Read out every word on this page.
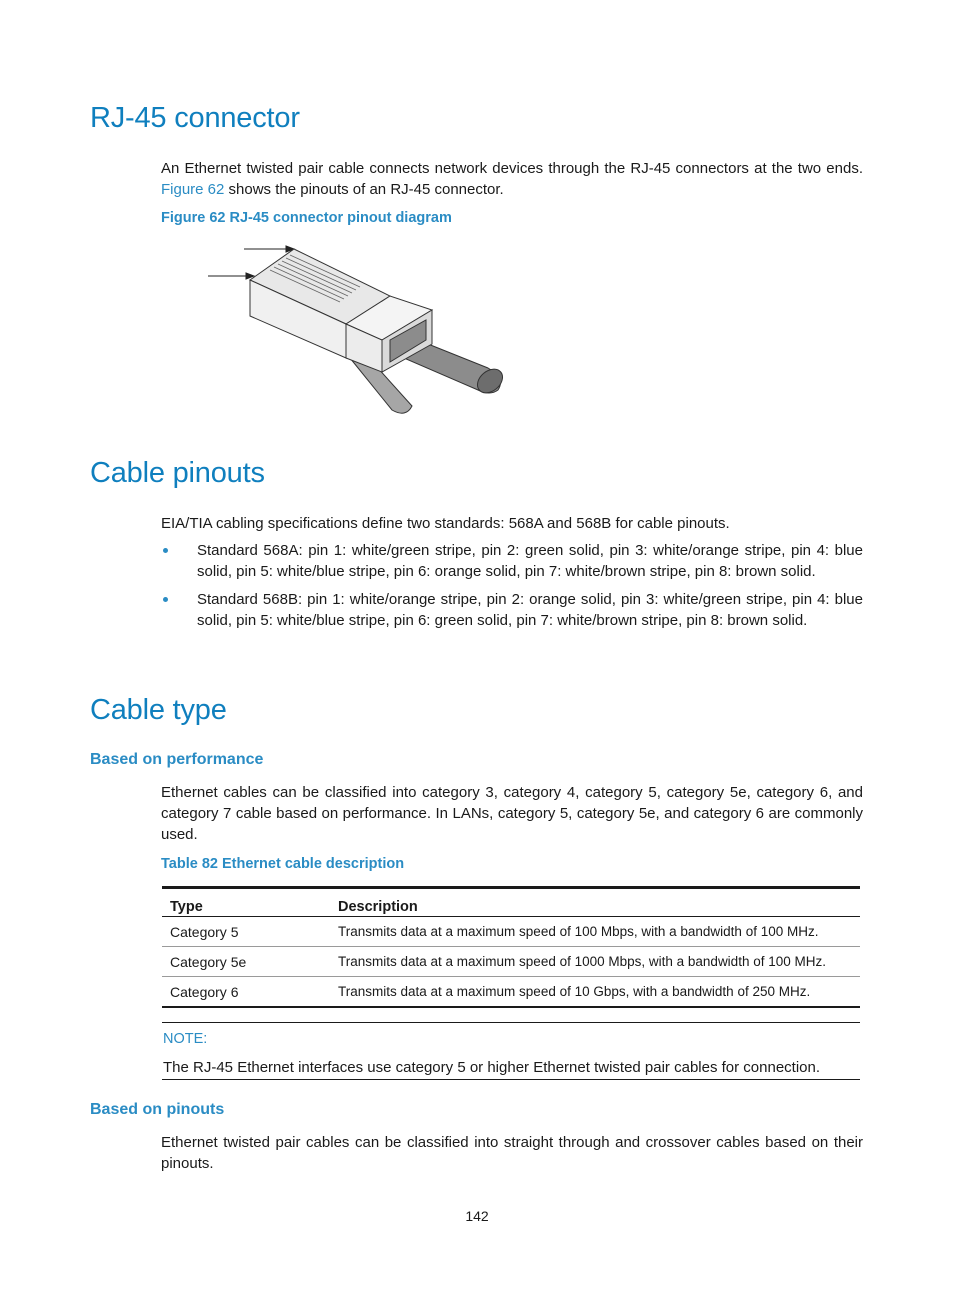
RJ-45 connector

An Ethernet twisted pair cable connects network devices through the RJ-45 connectors at the two ends. Figure 62 shows the pinouts of an RJ-45 connector.

Figure 62 RJ-45 connector pinout diagram

Cable pinouts

EIA/TIA cabling specifications define two standards: 568A and 568B for cable pinouts.

Standard 568A: pin 1: white/green stripe, pin 2: green solid, pin 3: white/orange stripe, pin 4: blue solid, pin 5: white/blue stripe, pin 6: orange solid, pin 7: white/brown stripe, pin 8: brown solid.
Standard 568B: pin 1: white/orange stripe, pin 2: orange solid, pin 3: white/green stripe, pin 4: blue solid, pin 5: white/blue stripe, pin 6: green solid, pin 7: white/brown stripe, pin 8: brown solid.
Cable type
Based on performance

Ethernet cables can be classified into category 3, category 4, category 5, category 5e, category 6, and category 7 cable based on performance. In LANs, category 5, category 5e, and category 6 are commonly used.

Table 82 Ethernet cable description

Type	Description
Category 5	Transmits data at a maximum speed of 100 Mbps, with a bandwidth of 100 MHz.
Category 5e	Transmits data at a maximum speed of 1000 Mbps, with a bandwidth of 100 MHz.
Category 6	Transmits data at a maximum speed of 10 Gbps, with a bandwidth of 250 MHz.
NOTE:
The RJ-45 Ethernet interfaces use category 5 or higher Ethernet twisted pair cables for connection.
Based on pinouts

Ethernet twisted pair cables can be classified into straight through and crossover cables based on their pinouts.

142
